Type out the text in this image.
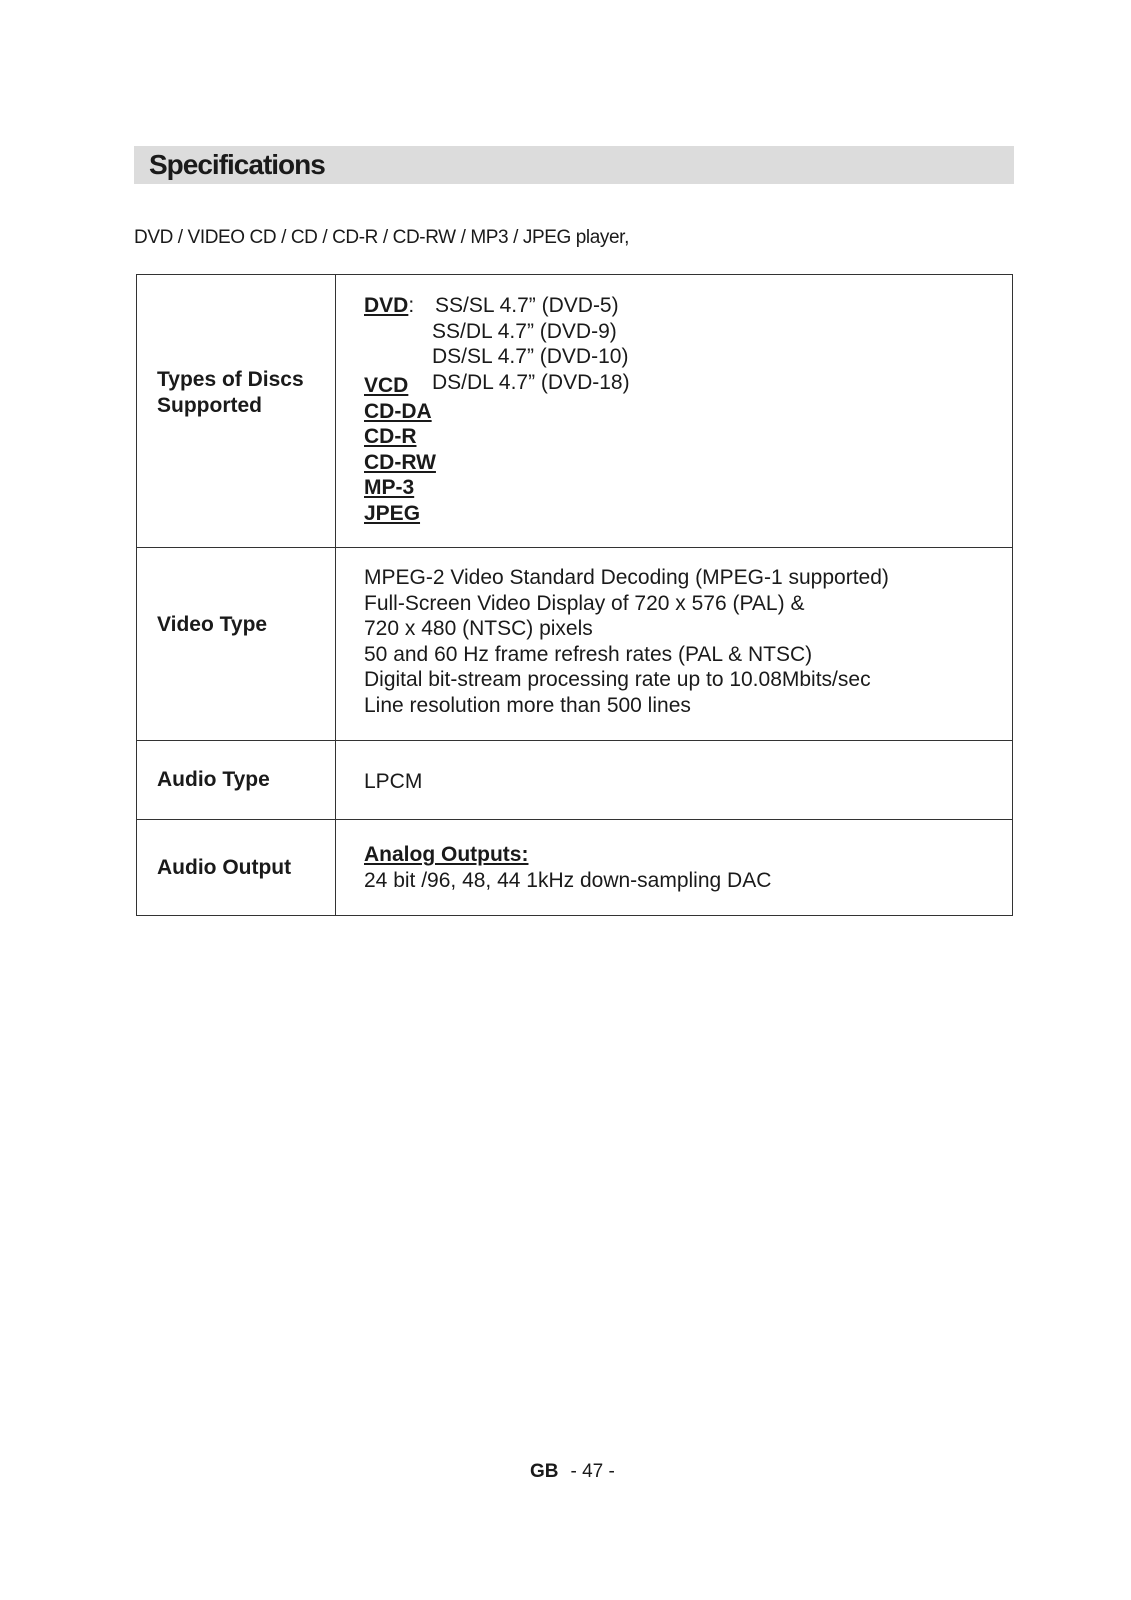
Specifications
DVD / VIDEO CD / CD / CD-R / CD-RW / MP3 / JPEG player,
Types of Discs
Supported
DVD: SS/SL 4.7” (DVD-5)
SS/DL 4.7” (DVD-9)
DS/SL 4.7” (DVD-10)
DS/DL 4.7” (DVD-18)
VCD
CD-DA
CD-R
CD-RW
MP-3
JPEG
Video Type
MPEG-2 Video Standard Decoding (MPEG-1 supported)
Full-Screen Video Display of 720 x 576 (PAL) &
720 x 480 (NTSC) pixels
50 and 60 Hz frame refresh rates (PAL & NTSC)
Digital bit-stream processing rate up to 10.08Mbits/sec
Line resolution more than 500 lines
Audio Type	LPCM
Audio Output
Analog Outputs:
24 bit /96, 48, 44 1kHz down-sampling DAC
GB - 47 -
